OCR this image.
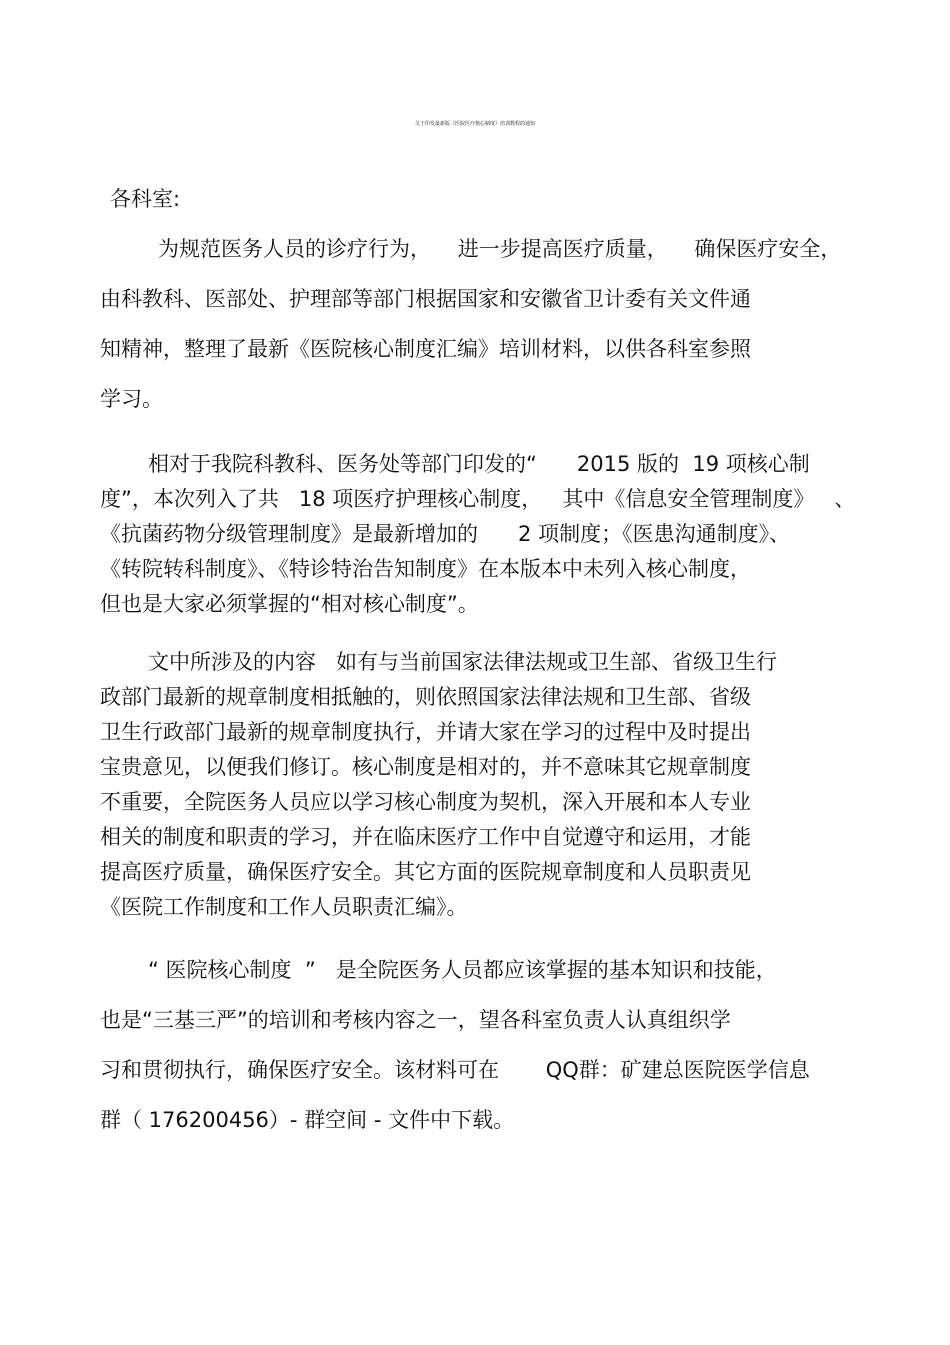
关于印发最新版《医院医疗核心制度》培训教程的通知
各科室:
为规范医务人员的诊疗行为，    进一步提高医疗质量，    确保医疗安全，
由科教科、医部处、护理部等部门根据国家和安徽省卫计委有关文件通
知精神，整理了最新《医院核心制度汇编》培训材料，以供各科室参照
学习。
相对于我院科教科、医务处等部门印发的“      2015 版的  19 项核心制
度”，本次列入了共   18 项医疗护理核心制度，   其中《信息安全管理制度》   、
《抗菌药物分级管理制度》是最新增加的      2 项制度；《医患沟通制度》、
《转院转科制度》、《特诊特治告知制度》在本版本中未列入核心制度，
但也是大家必须掌握的“相对核心制度”。
文中所涉及的内容   如有与当前国家法律法规或卫生部、省级卫生行
政部门最新的规章制度相抵触的，则依照国家法律法规和卫生部、省级
卫生行政部门最新的规章制度执行，并请大家在学习的过程中及时提出
宝贵意见，以便我们修订。核心制度是相对的，并不意味其它规章制度
不重要，全院医务人员应以学习核心制度为契机，深入开展和本人专业
相关的制度和职责的学习，并在临床医疗工作中自觉遵守和运用，才能
提高医疗质量，确保医疗安全。其它方面的医院规章制度和人员职责见
《医院工作制度和工作人员职责汇编》。
“ 医院核心制度  ”   是全院医务人员都应该掌握的基本知识和技能，
也是“三基三严”的培训和考核内容之一，望各科室负责人认真组织学
习和贯彻执行，确保医疗安全。该材料可在       QQ群：矿建总医院医学信息
群（ 176200456）- 群空间 - 文件中下载。
